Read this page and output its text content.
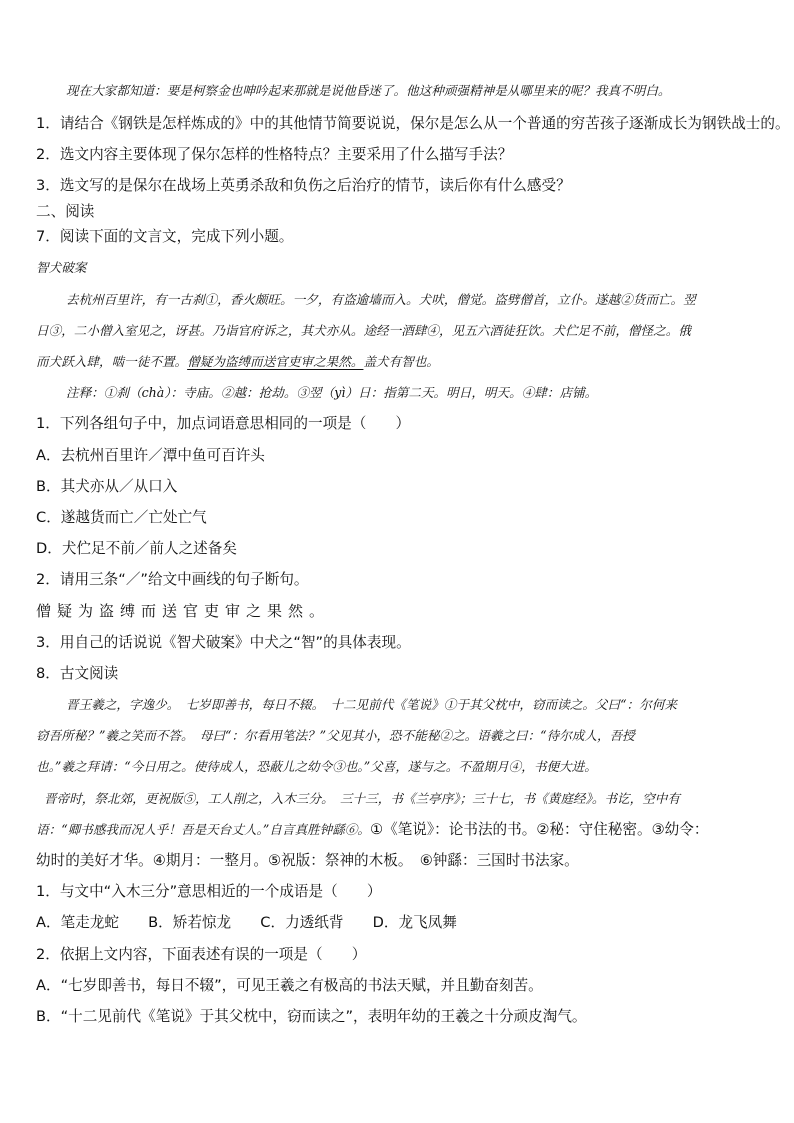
现在大家都知道：要是柯察金也呻吟起来那就是说他昏迷了。他这种顽强精神是从哪里来的呢？我真不明白。
1．请结合《钢铁是怎样炼成的》中的其他情节简要说说，保尔是怎么从一个普通的穷苦孩子逐渐成长为钢铁战士的。
2．选文内容主要体现了保尔怎样的性格特点？主要采用了什么描写手法？
3．选文写的是保尔在战场上英勇杀敌和负伤之后治疗的情节，读后你有什么感受？
二、阅读
7．阅读下面的文言文，完成下列小题。
智犬破案
去杭州百里许，有一古刹①，香火颇旺。一夕，有盗逾墙而入。犬吠，僧觉。盗劈僧首，立仆。遂越②货而亡。翌
日③，二小僧入室见之，讶甚。乃诣官府诉之，其犬亦从。途经一酒肆④，见五六酒徒狂饮。犬伫足不前，僧怪之。俄
而犬跃入肆，啮一徒不置。僧疑为盗缚而送官吏审之果然。盖犬有智也。
注释：①刹（chà）：寺庙。②越：抢劫。③翌（yì）日：指第二天。明日，明天。④肆：店铺。
1．下列各组句子中，加点词语意思相同的一项是（　　）
A．去杭州百里许／潭中鱼可百许头
B．其犬亦从／从口入
C．遂越货而亡／亡处亡气
D．犬伫足不前／前人之述备矣
2．请用三条“／”给文中画线的句子断句。
僧疑为盗缚而送官吏审之果然。
3．用自己的话说说《智犬破案》中犬之“智”的具体表现。
8．古文阅读
晋王羲之，字逸少。　七岁即善书，每日不辍。　十二见前代《笔说》①于其父枕中，窃而读之。父曰“：尔何来
窃吾所秘？”羲之笑而不答。　母曰“：尔看用笔法？”父见其小，恐不能秘②之。语羲之曰：“待尔成人，吾授
也。”羲之拜请：“今日用之。使待成人，恐蔽儿之幼令③也。”父喜，遂与之。不盈期月④，书便大进。
晋帝时，祭北郊，更祝版⑤，工人削之，入木三分。　三十三，书《兰亭序》；三十七，书《黄庭经》。书讫，空中有
语：“卿书感我而况人乎！吾是天台丈人。”自言真胜钟繇⑥。①《笔说》：论书法的书。②秘：守住秘密。③幼令：
幼时的美好才华。④期月：一整月。⑤祝版：祭神的木板。　⑥钟繇：三国时书法家。
1．与文中“入木三分”意思相近的一个成语是（　　）
A．笔走龙蛇　　B．矫若惊龙　　C．力透纸背　　D．龙飞凤舞
2．依据上文内容，下面表述有误的一项是（　　）
A．“七岁即善书，每日不辍”，可见王羲之有极高的书法天赋，并且勤奋刻苦。
B．“十二见前代《笔说》于其父枕中，窃而读之”，表明年幼的王羲之十分顽皮淘气。
